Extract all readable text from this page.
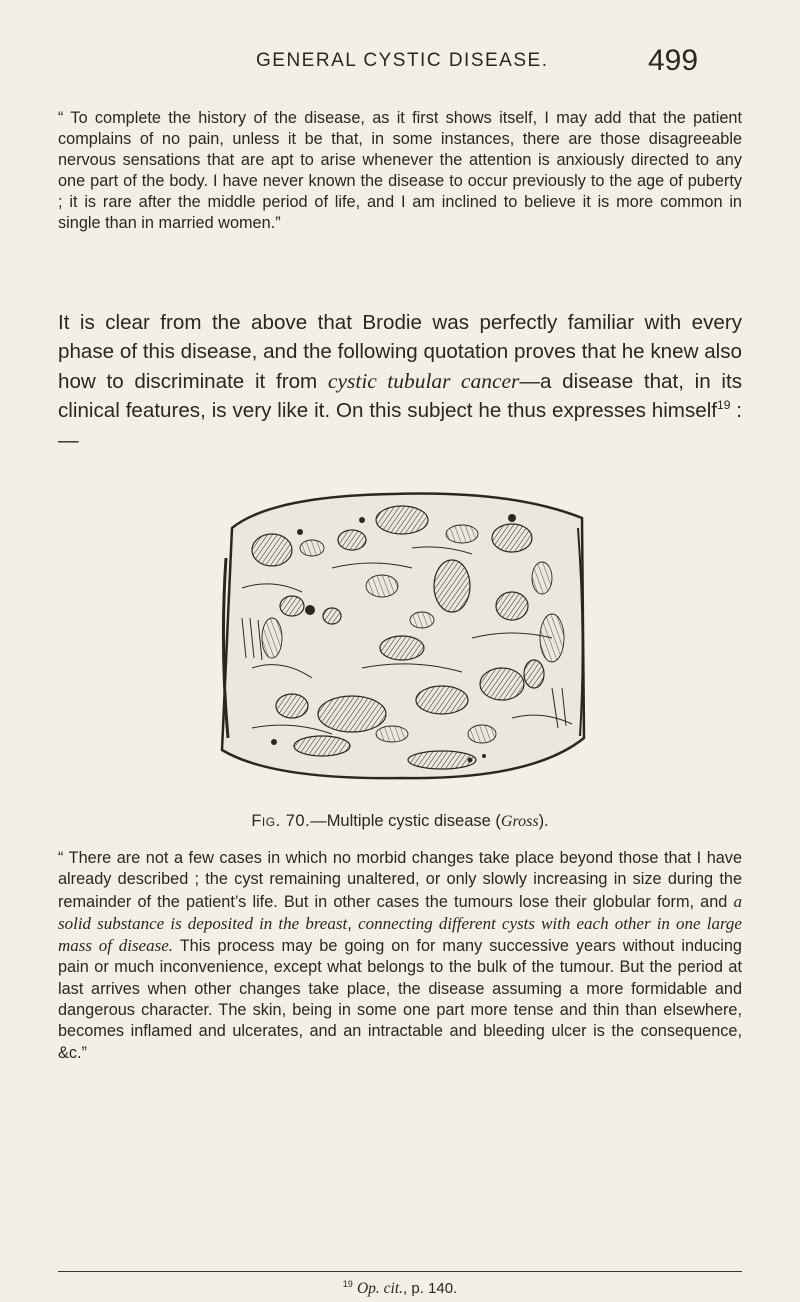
GENERAL CYSTIC DISEASE.	499

“ To complete the history of the disease, as it first shows itself, I may add that the patient complains of no pain, unless it be that, in some instances, there are those disagreeable nervous sensations that are apt to arise whenever the attention is anxiously directed to any one part of the body. I have never known the disease to occur previously to the age of puberty ; it is rare after the middle period of life, and I am inclined to believe it is more common in single than in married women.”

It is clear from the above that Brodie was perfectly familiar with every phase of this disease, and the following quotation proves that he knew also how to discriminate it from cystic tubular cancer—a disease that, in its clinical features, is very like it. On this subject he thus expresses himself$^{19}$ :—

Fig. 70.—Multiple cystic disease (Gross).

“ There are not a few cases in which no morbid changes take place beyond those that I have already described ; the cyst remaining unaltered, or only slowly increasing in size during the remainder of the patient’s life. But in other cases the tumours lose their globular form, and a solid substance is deposited in the breast, connecting different cysts with each other in one large mass of disease. This process may be going on for many successive years without inducing pain or much inconvenience, except what belongs to the bulk of the tumour. But the period at last arrives when other changes take place, the disease assuming a more formidable and dangerous character. The skin, being in some one part more tense and thin than elsewhere, becomes inflamed and ulcerates, and an intractable and bleeding ulcer is the consequence, &c.”

$^{19}$ Op. cit., p. 140.
